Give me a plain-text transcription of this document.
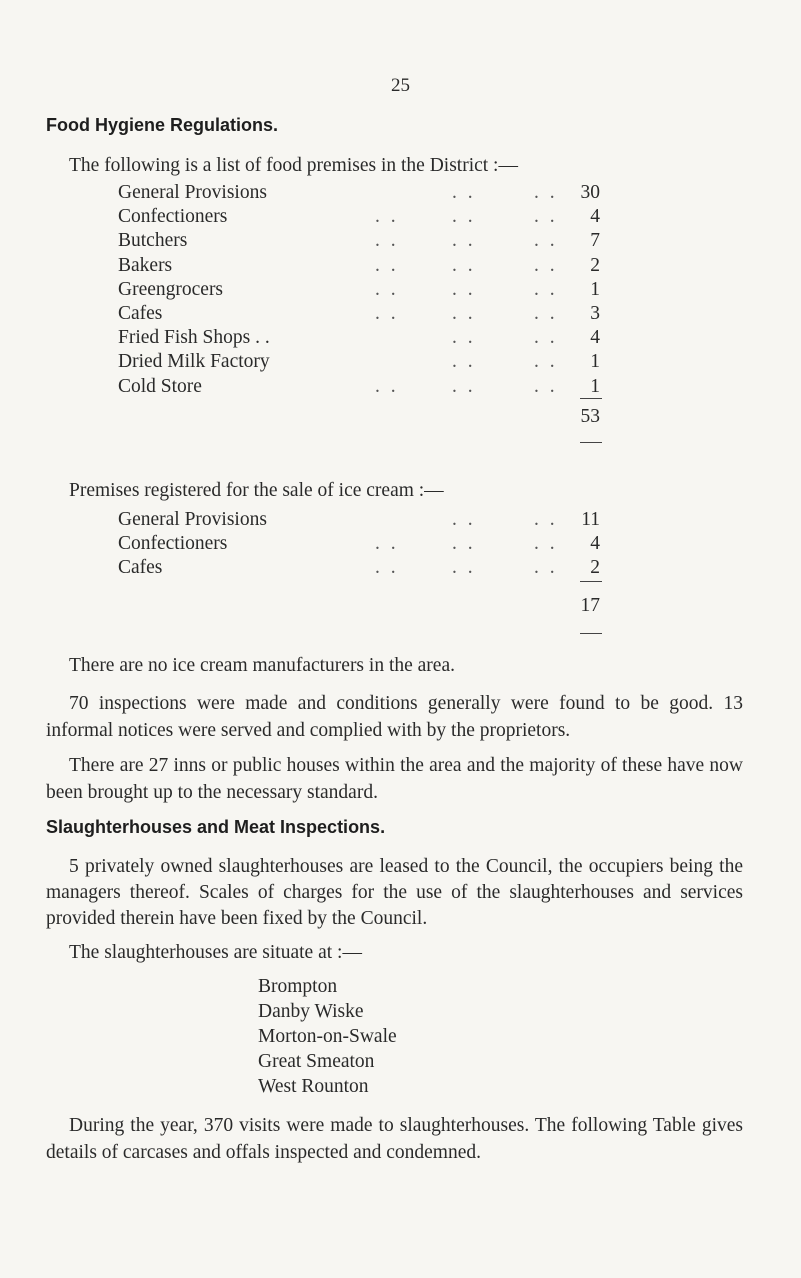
25
Food Hygiene Regulations.
The following is a list of food premises in the District :—
General Provisions	. .	. .	30
Confectioners	. .	. .	. .	4
Butchers	. .	. .	. .	7
Bakers	. .	. .	. .	2
Greengrocers	. .	. .	. .	1
Cafes	. .	. .	. .	3
Fried Fish Shops . .	. .	. .	4
Dried Milk Factory	. .	. .	1
Cold Store	. .	. .	. .	1
53
Premises registered for the sale of ice cream :—
General Provisions	. .	. .	11
Confectioners	. .	. .	. .	4
Cafes	. .	. .	. .	2
17
There are no ice cream manufacturers in the area.
70 inspections were made and conditions generally were found to be good. 13 informal notices were served and complied with by the proprietors.
There are 27 inns or public houses within the area and the majority of these have now been brought up to the necessary standard.
Slaughterhouses and Meat Inspections.
5 privately owned slaughterhouses are leased to the Council, the occupiers being the managers thereof. Scales of charges for the use of the slaughterhouses and services provided therein have been fixed by the Council.
The slaughterhouses are situate at :—
Brompton
Danby Wiske
Morton-on-Swale
Great Smeaton
West Rounton
During the year, 370 visits were made to slaughterhouses. The following Table gives details of carcases and offals inspected and condemned.
